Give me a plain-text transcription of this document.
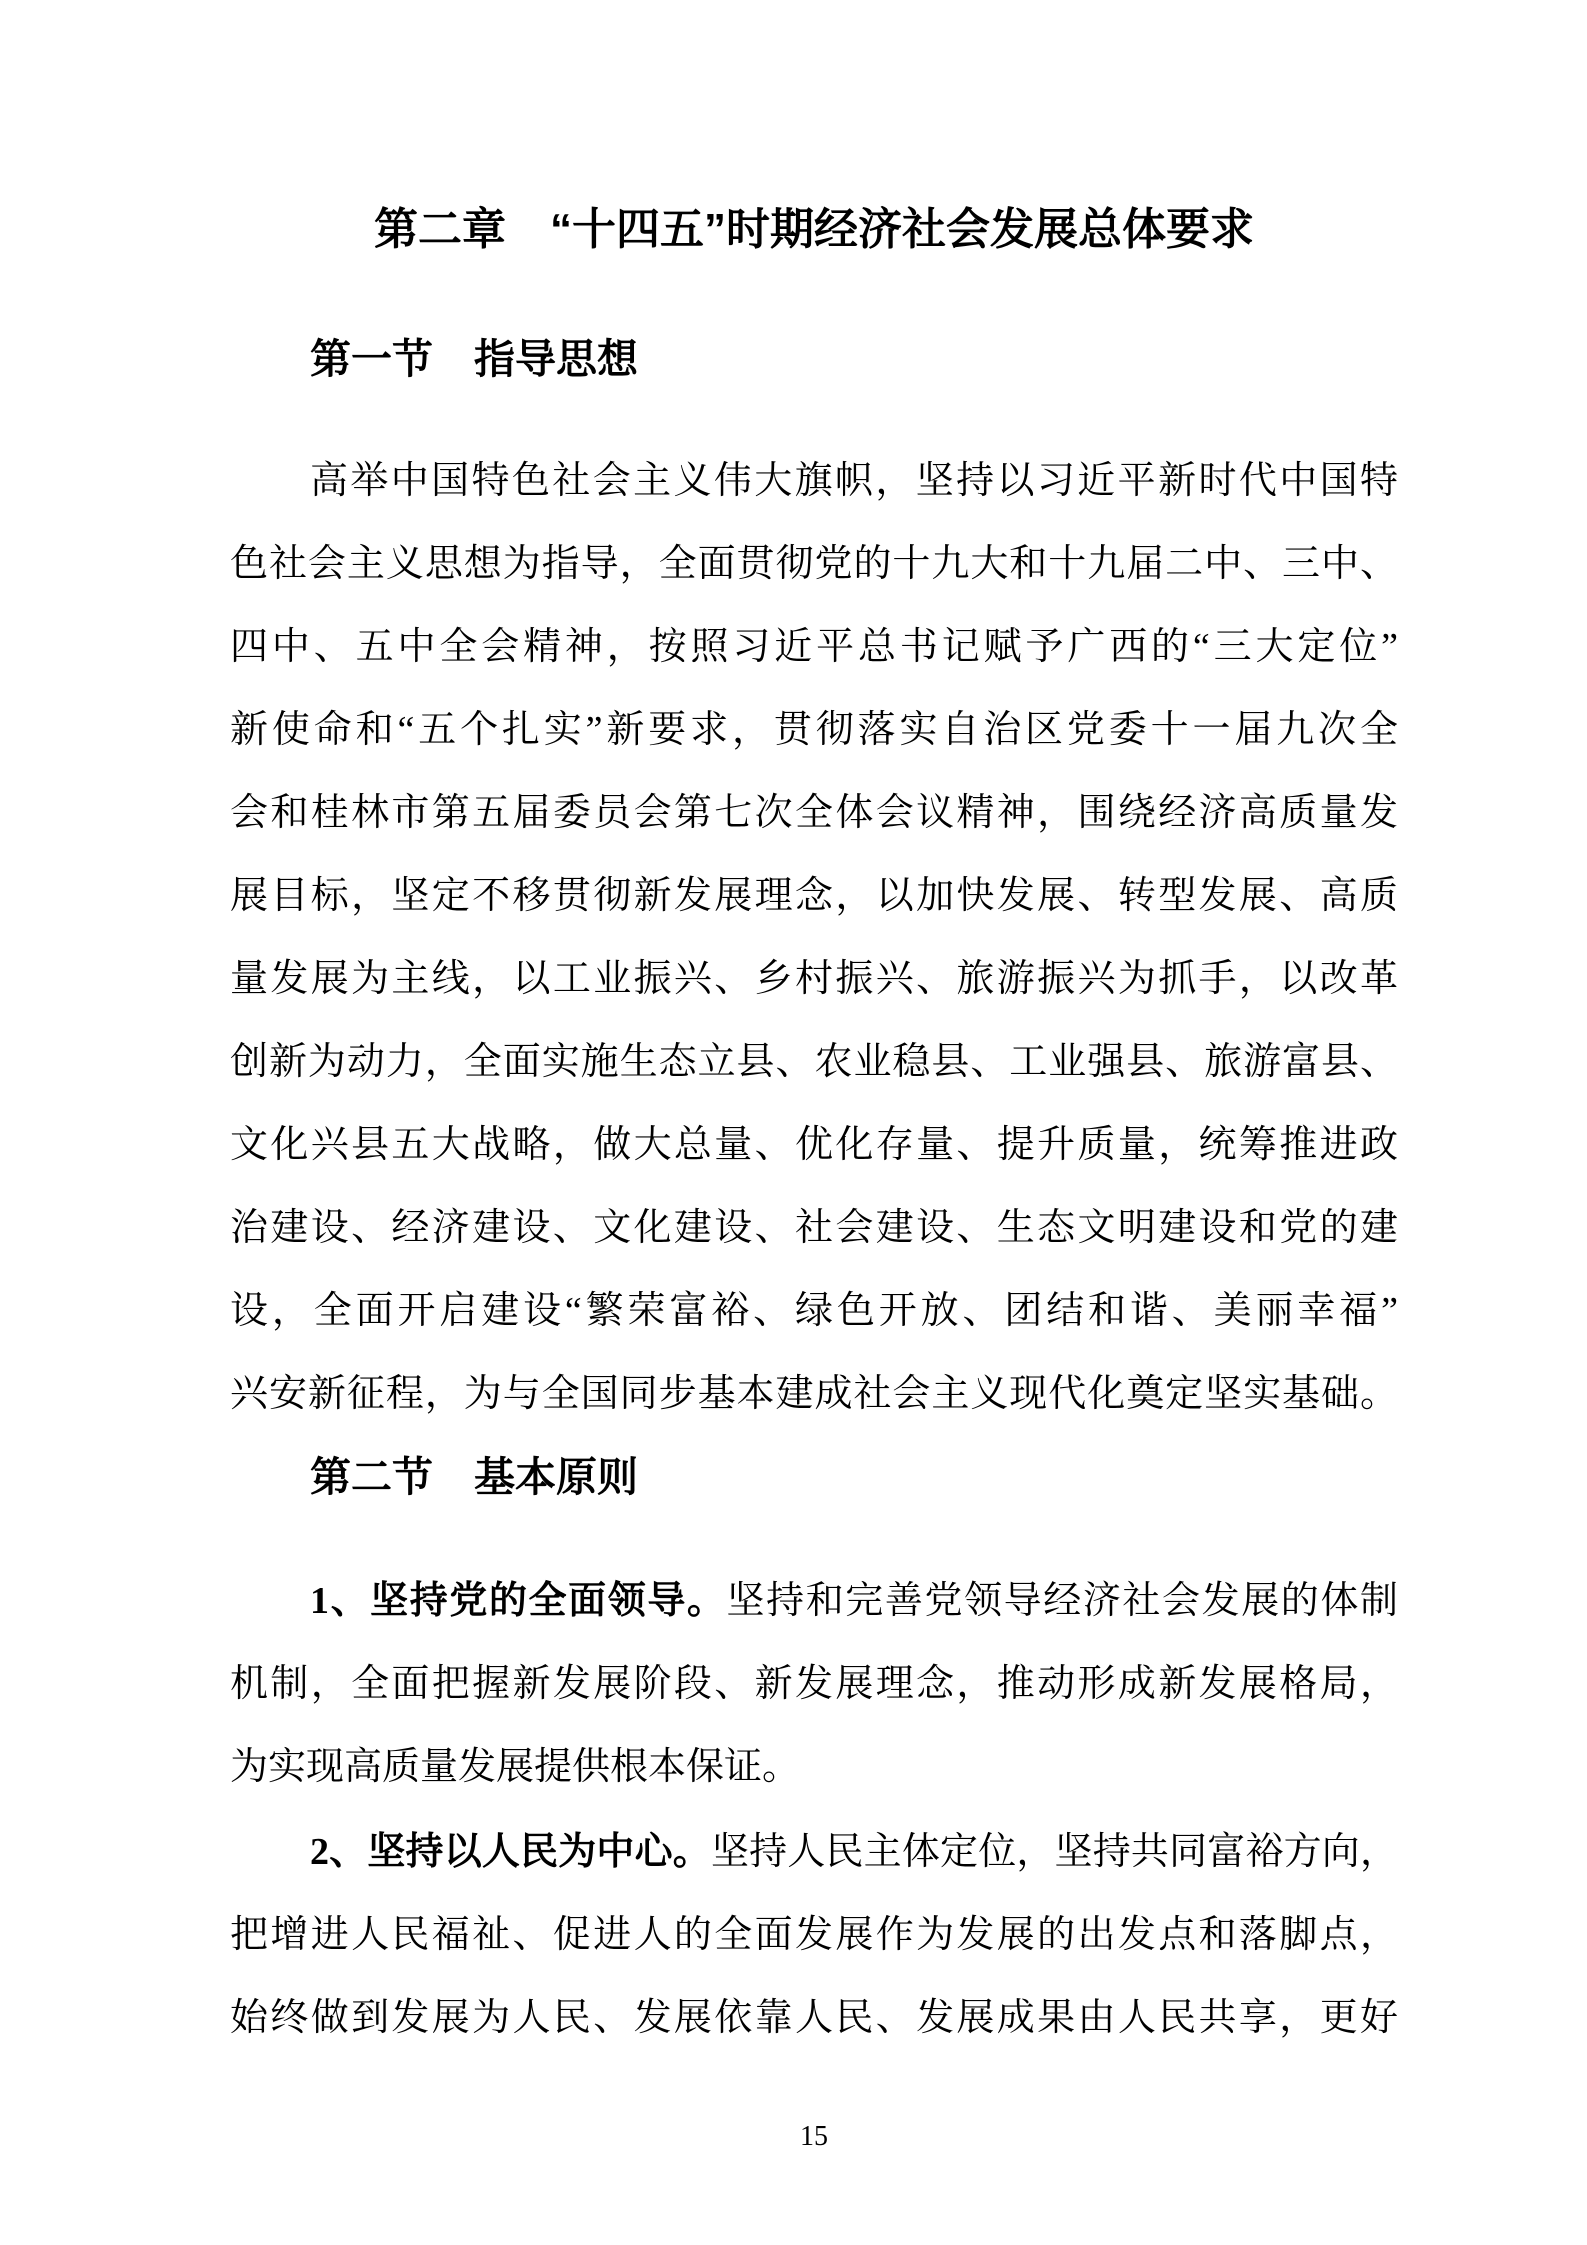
第二章　“十四五”时期经济社会发展总体要求
第一节　指导思想
高举中国特色社会主义伟大旗帜，坚持以习近平新时代中国特
色社会主义思想为指导，全面贯彻党的十九大和十九届二中、三中、
四中、五中全会精神，按照习近平总书记赋予广西的“三大定位”
新使命和“五个扎实”新要求，贯彻落实自治区党委十一届九次全
会和桂林市第五届委员会第七次全体会议精神，围绕经济高质量发
展目标，坚定不移贯彻新发展理念，以加快发展、转型发展、高质
量发展为主线，以工业振兴、乡村振兴、旅游振兴为抓手，以改革
创新为动力，全面实施生态立县、农业稳县、工业强县、旅游富县、
文化兴县五大战略，做大总量、优化存量、提升质量，统筹推进政
治建设、经济建设、文化建设、社会建设、生态文明建设和党的建
设，全面开启建设“繁荣富裕、绿色开放、团结和谐、美丽幸福”
兴安新征程，为与全国同步基本建成社会主义现代化奠定坚实基础。
第二节　基本原则
1、坚持党的全面领导。坚持和完善党领导经济社会发展的体制
机制，全面把握新发展阶段、新发展理念，推动形成新发展格局，
为实现高质量发展提供根本保证。
2、坚持以人民为中心。坚持人民主体定位，坚持共同富裕方向，
把增进人民福祉、促进人的全面发展作为发展的出发点和落脚点，
始终做到发展为人民、发展依靠人民、发展成果由人民共享，更好
15
